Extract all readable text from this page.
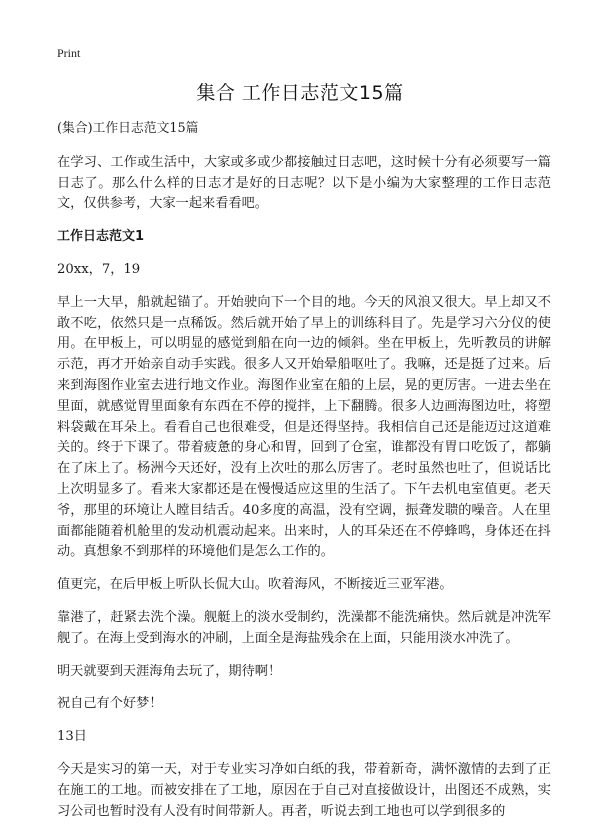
Print
集合 工作日志范文15篇

(集合)工作日志范文15篇

在学习、工作或生活中，大家或多或少都接触过日志吧，这时候十分有必须要写一篇日志了。那么什么样的日志才是好的日志呢？以下是小编为大家整理的工作日志范文，仅供参考，大家一起来看看吧。

工作日志范文1

20xx，7，19

早上一大早，船就起锚了。开始驶向下一个目的地。今天的风浪又很大。早上却又不敢不吃，依然只是一点稀饭。然后就开始了早上的训练科目了。先是学习六分仪的使用。在甲板上，可以明显的感觉到船在向一边的倾斜。坐在甲板上，先听教员的讲解示范，再才开始亲自动手实践。很多人又开始晕船呕吐了。我嘛，还是挺了过来。后来到海图作业室去进行地文作业。海图作业室在船的上层，晃的更厉害。一进去坐在里面，就感觉胃里面象有东西在不停的搅拌，上下翻腾。很多人边画海图边吐，将塑料袋戴在耳朵上。看看自己也很难受，但是还得坚持。我相信自己还是能迈过这道难关的。终于下课了。带着疲惫的身心和胃，回到了仓室，谁都没有胃口吃饭了，都躺在了床上了。杨洲今天还好，没有上次吐的那么厉害了。老时虽然也吐了，但说话比上次明显多了。看来大家都还是在慢慢适应这里的生活了。下午去机电室值更。老天爷，那里的环境让人瞠目结舌。40多度的高温，没有空调，振聋发聩的噪音。人在里面都能随着机舱里的发动机震动起来。出来时，人的耳朵还在不停蜂鸣，身体还在抖动。真想象不到那样的环境他们是怎么工作的。

值更完，在后甲板上听队长侃大山。吹着海风，不断接近三亚军港。

靠港了，赶紧去洗个澡。舰艇上的淡水受制约，洗澡都不能洗痛快。然后就是冲洗军舰了。在海上受到海水的冲刷，上面全是海盐残余在上面，只能用淡水冲洗了。

明天就要到天涯海角去玩了，期待啊！

祝自己有个好梦！

13日

今天是实习的第一天，对于专业实习净如白纸的我，带着新奇，满怀激情的去到了正在施工的工地。而被安排在了工地，原因在于自己对直接做设计，出图还不成熟，实习公司也暂时没有人没有时间带新人。再者，听说去到工地也可以学到很多的
